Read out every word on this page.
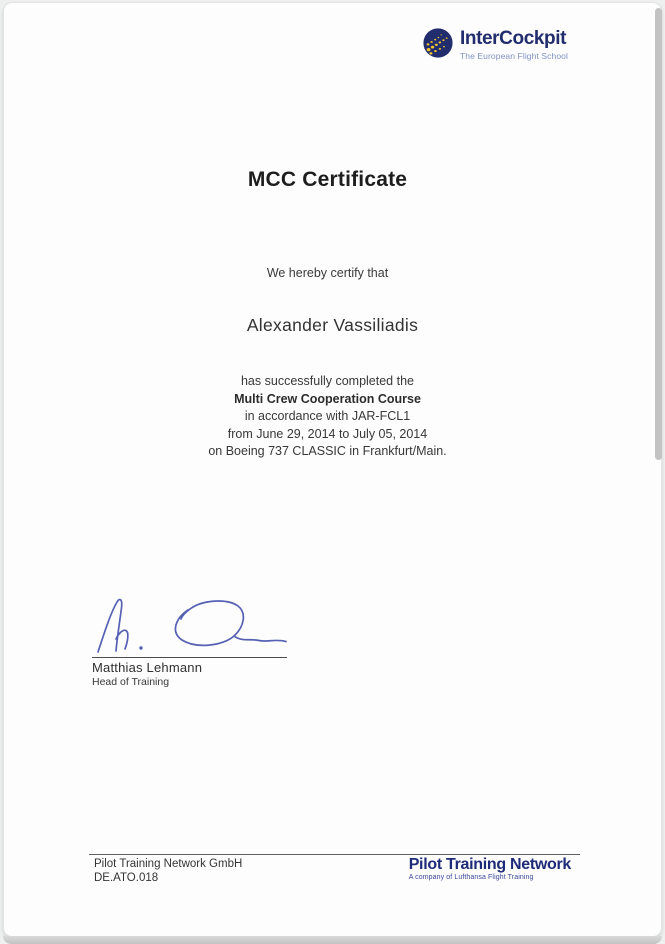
InterCockpit
The European Flight School
MCC Certificate
We hereby certify that
Alexander Vassiliadis
has successfully completed the
Multi Crew Cooperation Course
in accordance with JAR-FCL1
from June 29, 2014 to July 05, 2014
on Boeing 737 CLASSIC in Frankfurt/Main.
Matthias Lehmann
Head of Training
Pilot Training Network GmbH
DE.ATO.018
Pilot Training Network
A company of Lufthansa Flight Training
